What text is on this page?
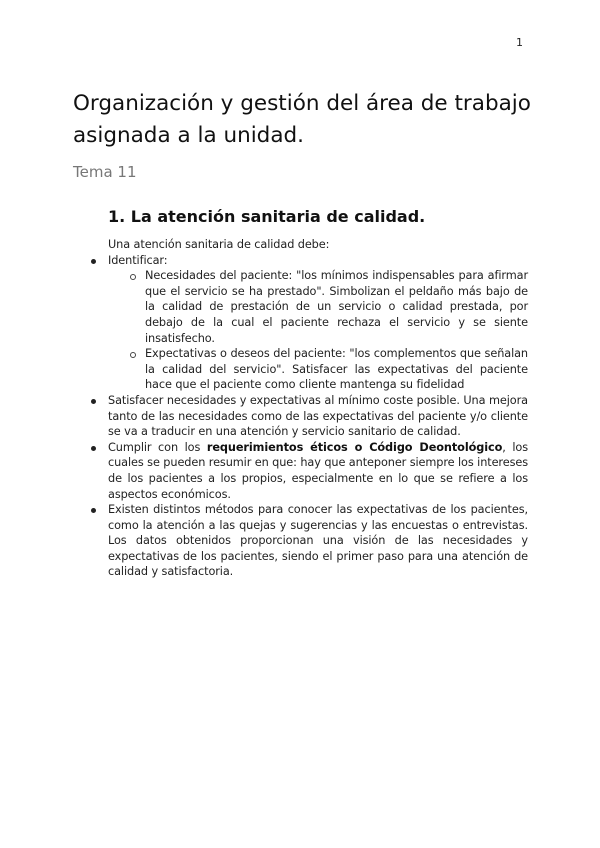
1
Organización y gestión del área de trabajo asignada a la unidad.
Tema 11
1. La atención sanitaria de calidad.

Una atención sanitaria de calidad debe:

Identificar:
Necesidades del paciente: "los mínimos indispensables para afirmar que el servicio se ha prestado". Simbolizan el peldaño más bajo de la calidad de prestación de un servicio o calidad prestada, por debajo de la cual el paciente rechaza el servicio y se siente insatisfecho.
Expectativas o deseos del paciente: "los complementos que señalan la calidad del servicio". Satisfacer las expectativas del paciente hace que el paciente como cliente mantenga su fidelidad
Satisfacer necesidades y expectativas al mínimo coste posible. Una mejora tanto de las necesidades como de las expectativas del paciente y/o cliente se va a traducir en una atención y servicio sanitario de calidad.
Cumplir con los requerimientos éticos o Código Deontológico, los cuales se pueden resumir en que: hay que anteponer siempre los intereses de los pacientes a los propios, especialmente en lo que se refiere a los aspectos económicos.
Existen distintos métodos para conocer las expectativas de los pacientes, como la atención a las quejas y sugerencias y las encuestas o entrevistas. Los datos obtenidos proporcionan una visión de las necesidades y expectativas de los pacientes, siendo el primer paso para una atención de calidad y satisfactoria.
